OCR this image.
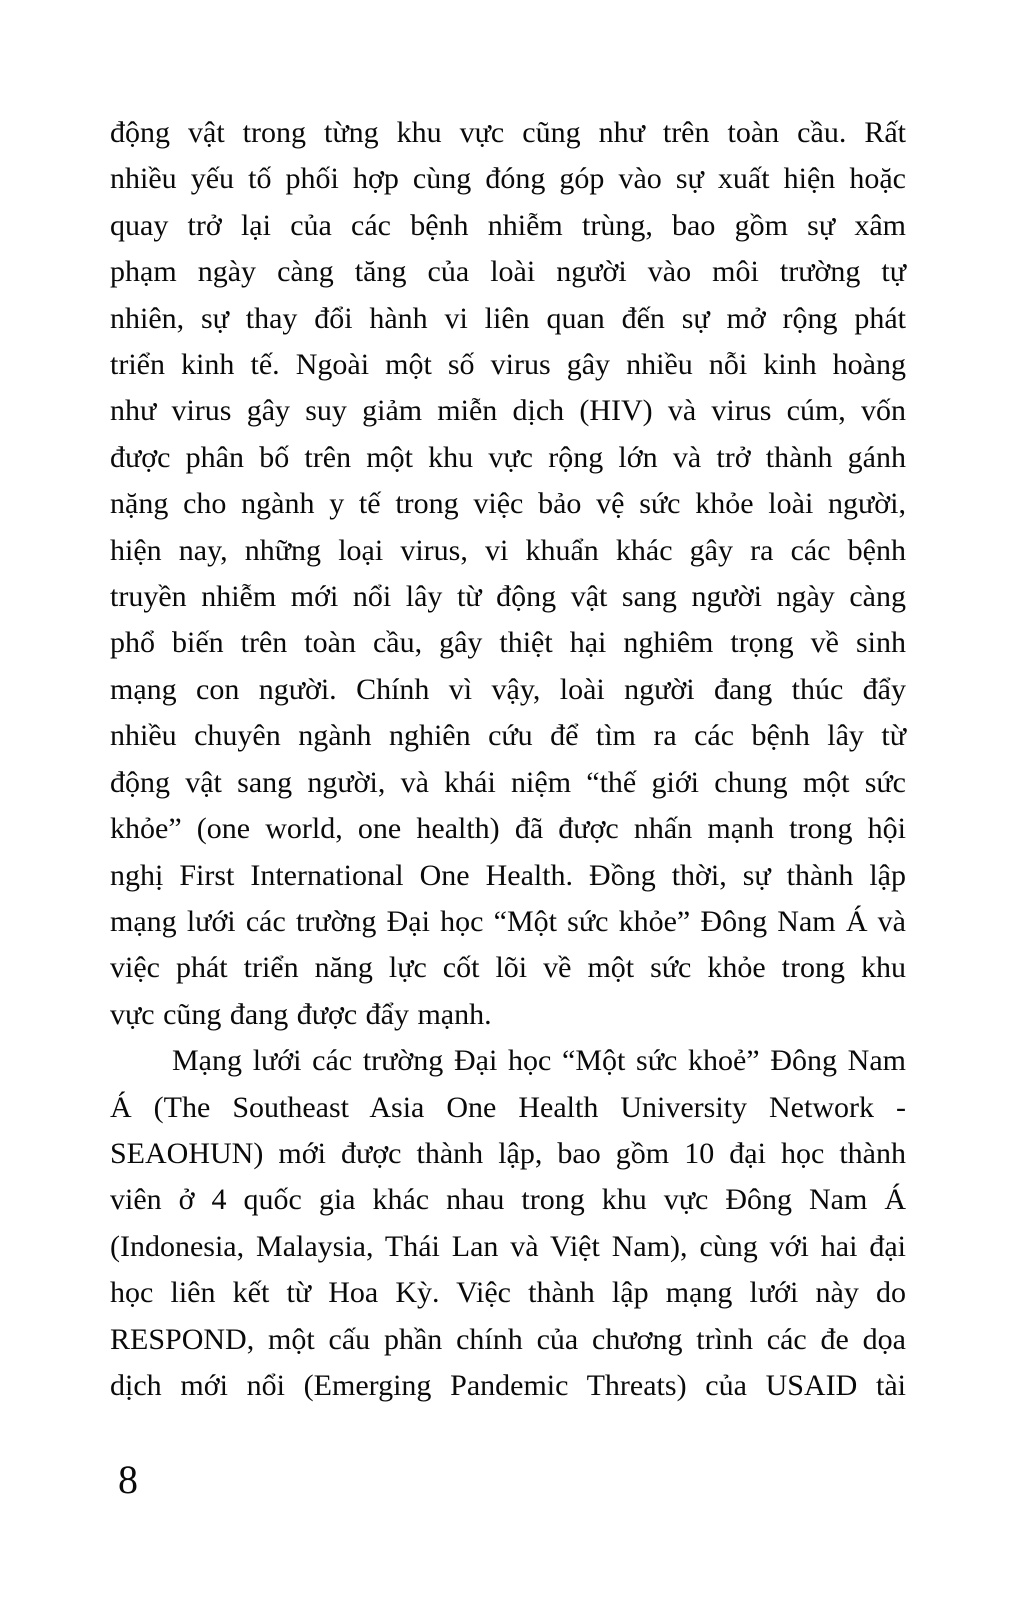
động vật trong từng khu vực cũng như trên toàn cầu. Rất
nhiều yếu tố phối hợp cùng đóng góp vào sự xuất hiện hoặc
quay trở lại của các bệnh nhiễm trùng, bao gồm sự xâm
phạm ngày càng tăng của loài người vào môi trường tự
nhiên, sự thay đổi hành vi liên quan đến sự mở rộng phát
triển kinh tế. Ngoài một số virus gây nhiều nỗi kinh hoàng
như virus gây suy giảm miễn dịch (HIV) và virus cúm, vốn
được phân bố trên một khu vực rộng lớn và trở thành gánh
nặng cho ngành y tế trong việc bảo vệ sức khỏe loài người,
hiện nay, những loại virus, vi khuẩn khác gây ra các bệnh
truyền nhiễm mới nổi lây từ động vật sang người ngày càng
phổ biến trên toàn cầu, gây thiệt hại nghiêm trọng về sinh
mạng con người. Chính vì vậy, loài người đang thúc đẩy
nhiều chuyên ngành nghiên cứu để tìm ra các bệnh lây từ
động vật sang người, và khái niệm “thế giới chung một sức
khỏe” (one world, one health) đã được nhấn mạnh trong hội
nghị First International One Health. Đồng thời, sự thành lập
mạng lưới các trường Đại học “Một sức khỏe” Đông Nam Á và
việc phát triển năng lực cốt lõi về một sức khỏe trong khu
vực cũng đang được đẩy mạnh.
Mạng lưới các trường Đại học “Một sức khoẻ” Đông Nam
Á (The Southeast Asia One Health University Network -
SEAOHUN) mới được thành lập, bao gồm 10 đại học thành
viên ở 4 quốc gia khác nhau trong khu vực Đông Nam Á
(Indonesia, Malaysia, Thái Lan và Việt Nam), cùng với hai đại
học liên kết từ Hoa Kỳ. Việc thành lập mạng lưới này do
RESPOND, một cấu phần chính của chương trình các đe dọa
dịch mới nổi (Emerging Pandemic Threats) của USAID tài
8
